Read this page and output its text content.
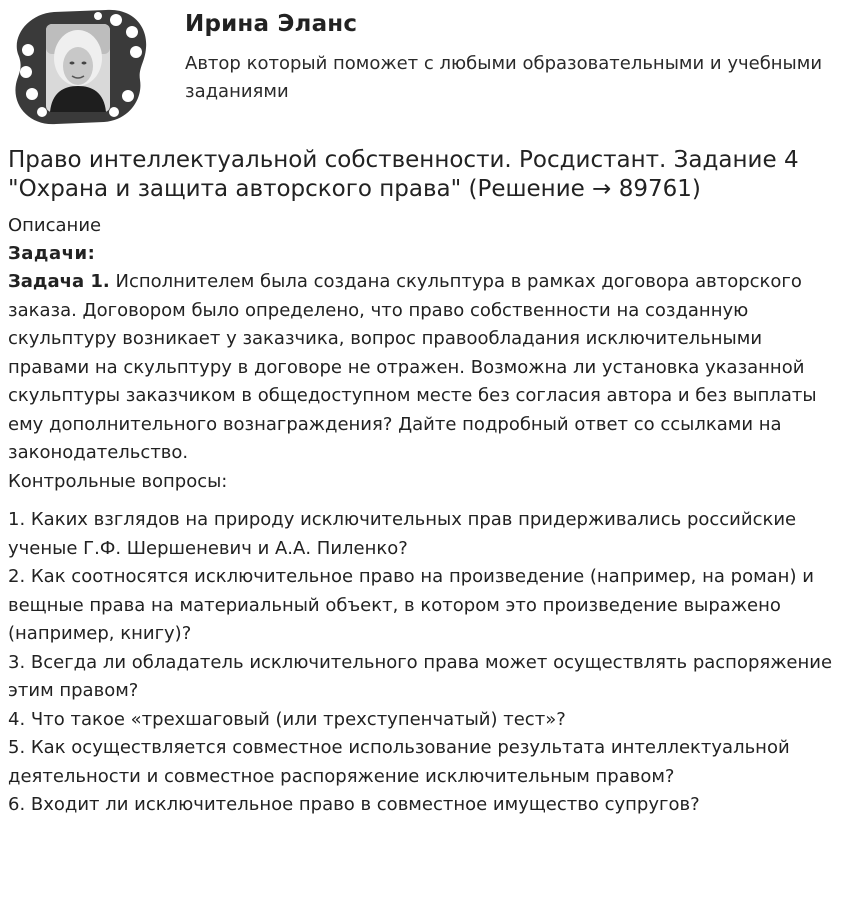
Ирина Эланс
Автор который поможет с любыми образовательными и учебными заданиями
Право интеллектуальной собственности. Росдистант. Задание 4 "Охрана и защита авторского права" (Решение → 89761)
Описание
Задачи:

Задача 1. Исполнителем была создана скульптура в рамках договора авторского заказа. Договором было определено, что право собственности на созданную скульптуру возникает у заказчика, вопрос правообладания исключительными правами на скульптуру в договоре не отражен. Возможна ли установка указанной скульптуры заказчиком в общедоступном месте без согласия автора и без выплаты ему дополнительного вознаграждения? Дайте подробный ответ со ссылками на законодательство.

Контрольные вопросы:

1. Каких взглядов на природу исключительных прав придерживались российские ученые Г.Ф. Шершеневич и А.А. Пиленко?

2. Как соотносятся исключительное право на произведение (например, на роман) и вещные права на материальный объект, в котором это произведение выражено (например, книгу)?

3. Всегда ли обладатель исключительного права может осуществлять распоряжение этим правом?

4. Что такое «трехшаговый (или трехступенчатый) тест»?

5. Как осуществляется совместное использование результата интеллектуальной деятельности и совместное распоряжение исключительным правом?

6. Входит ли исключительное право в совместное имущество супругов?
